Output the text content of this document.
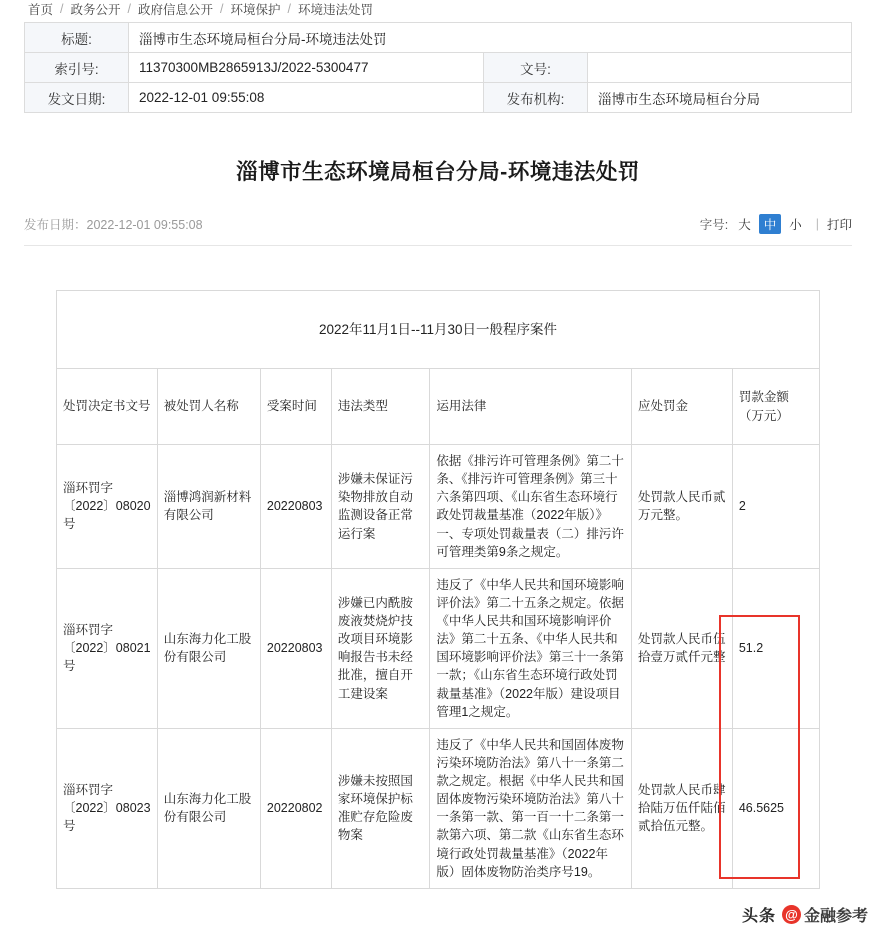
首页 / 政务公开 / 政府信息公开 / 环境保护 / 环境违法处罚
标题:	淄博市生态环境局桓台分局-环境违法处罚		
索引号:	11370300MB2865913J/2022-5300477	文号:	
发文日期:	2022-12-01 09:55:08	发布机构:	淄博市生态环境局桓台分局
淄博市生态环境局桓台分局-环境违法处罚
发布日期：2022-12-01 09:55:08	字号: 大	中	小	| 打印
2022年11月1日--11月30日一般程序案件						
处罚决定书文号	被处罚人名称	受案时间	违法类型	运用法律	应处罚金	罚款金额（万元）
淄环罚字〔2022〕08020号	淄博鸿润新材料有限公司	20220803	涉嫌未保证污染物排放自动监测设备正常运行案	依据《排污许可管理条例》第二十条、《排污许可管理条例》第三十六条第四项、《山东省生态环境行政处罚裁量基准（2022年版）》一、专项处罚裁量表（二）排污许可管理类第9条之规定。	处罚款人民币贰万元整。	2
淄环罚字〔2022〕08021号	山东海力化工股份有限公司	20220803	涉嫌已内酰胺废液焚烧炉技改项目环境影响报告书未经批准，擅自开工建设案	违反了《中华人民共和国环境影响评价法》第二十五条之规定。依据《中华人民共和国环境影响评价法》第二十五条、《中华人民共和国环境影响评价法》第三十一条第一款；《山东省生态环境行政处罚裁量基准》（2022年版）建设项目管理1之规定。	处罚款人民币伍拾壹万贰仟元整	51.2
淄环罚字〔2022〕08023号	山东海力化工股份有限公司	20220802	涉嫌未按照国家环境保护标准贮存危险废物案	违反了《中华人民共和国固体废物污染环境防治法》第八十一条第二款之规定。根据《中华人民共和国固体废物污染环境防治法》第八十一条第一款、第一百一十二条第一款第六项、第二款《山东省生态环境行政处罚裁量基准》（2022年版）固体废物防治类序号19。	处罚款人民币肆拾陆万伍仟陆佰贰拾伍元整。	46.5625
头条 @ 金融参考
